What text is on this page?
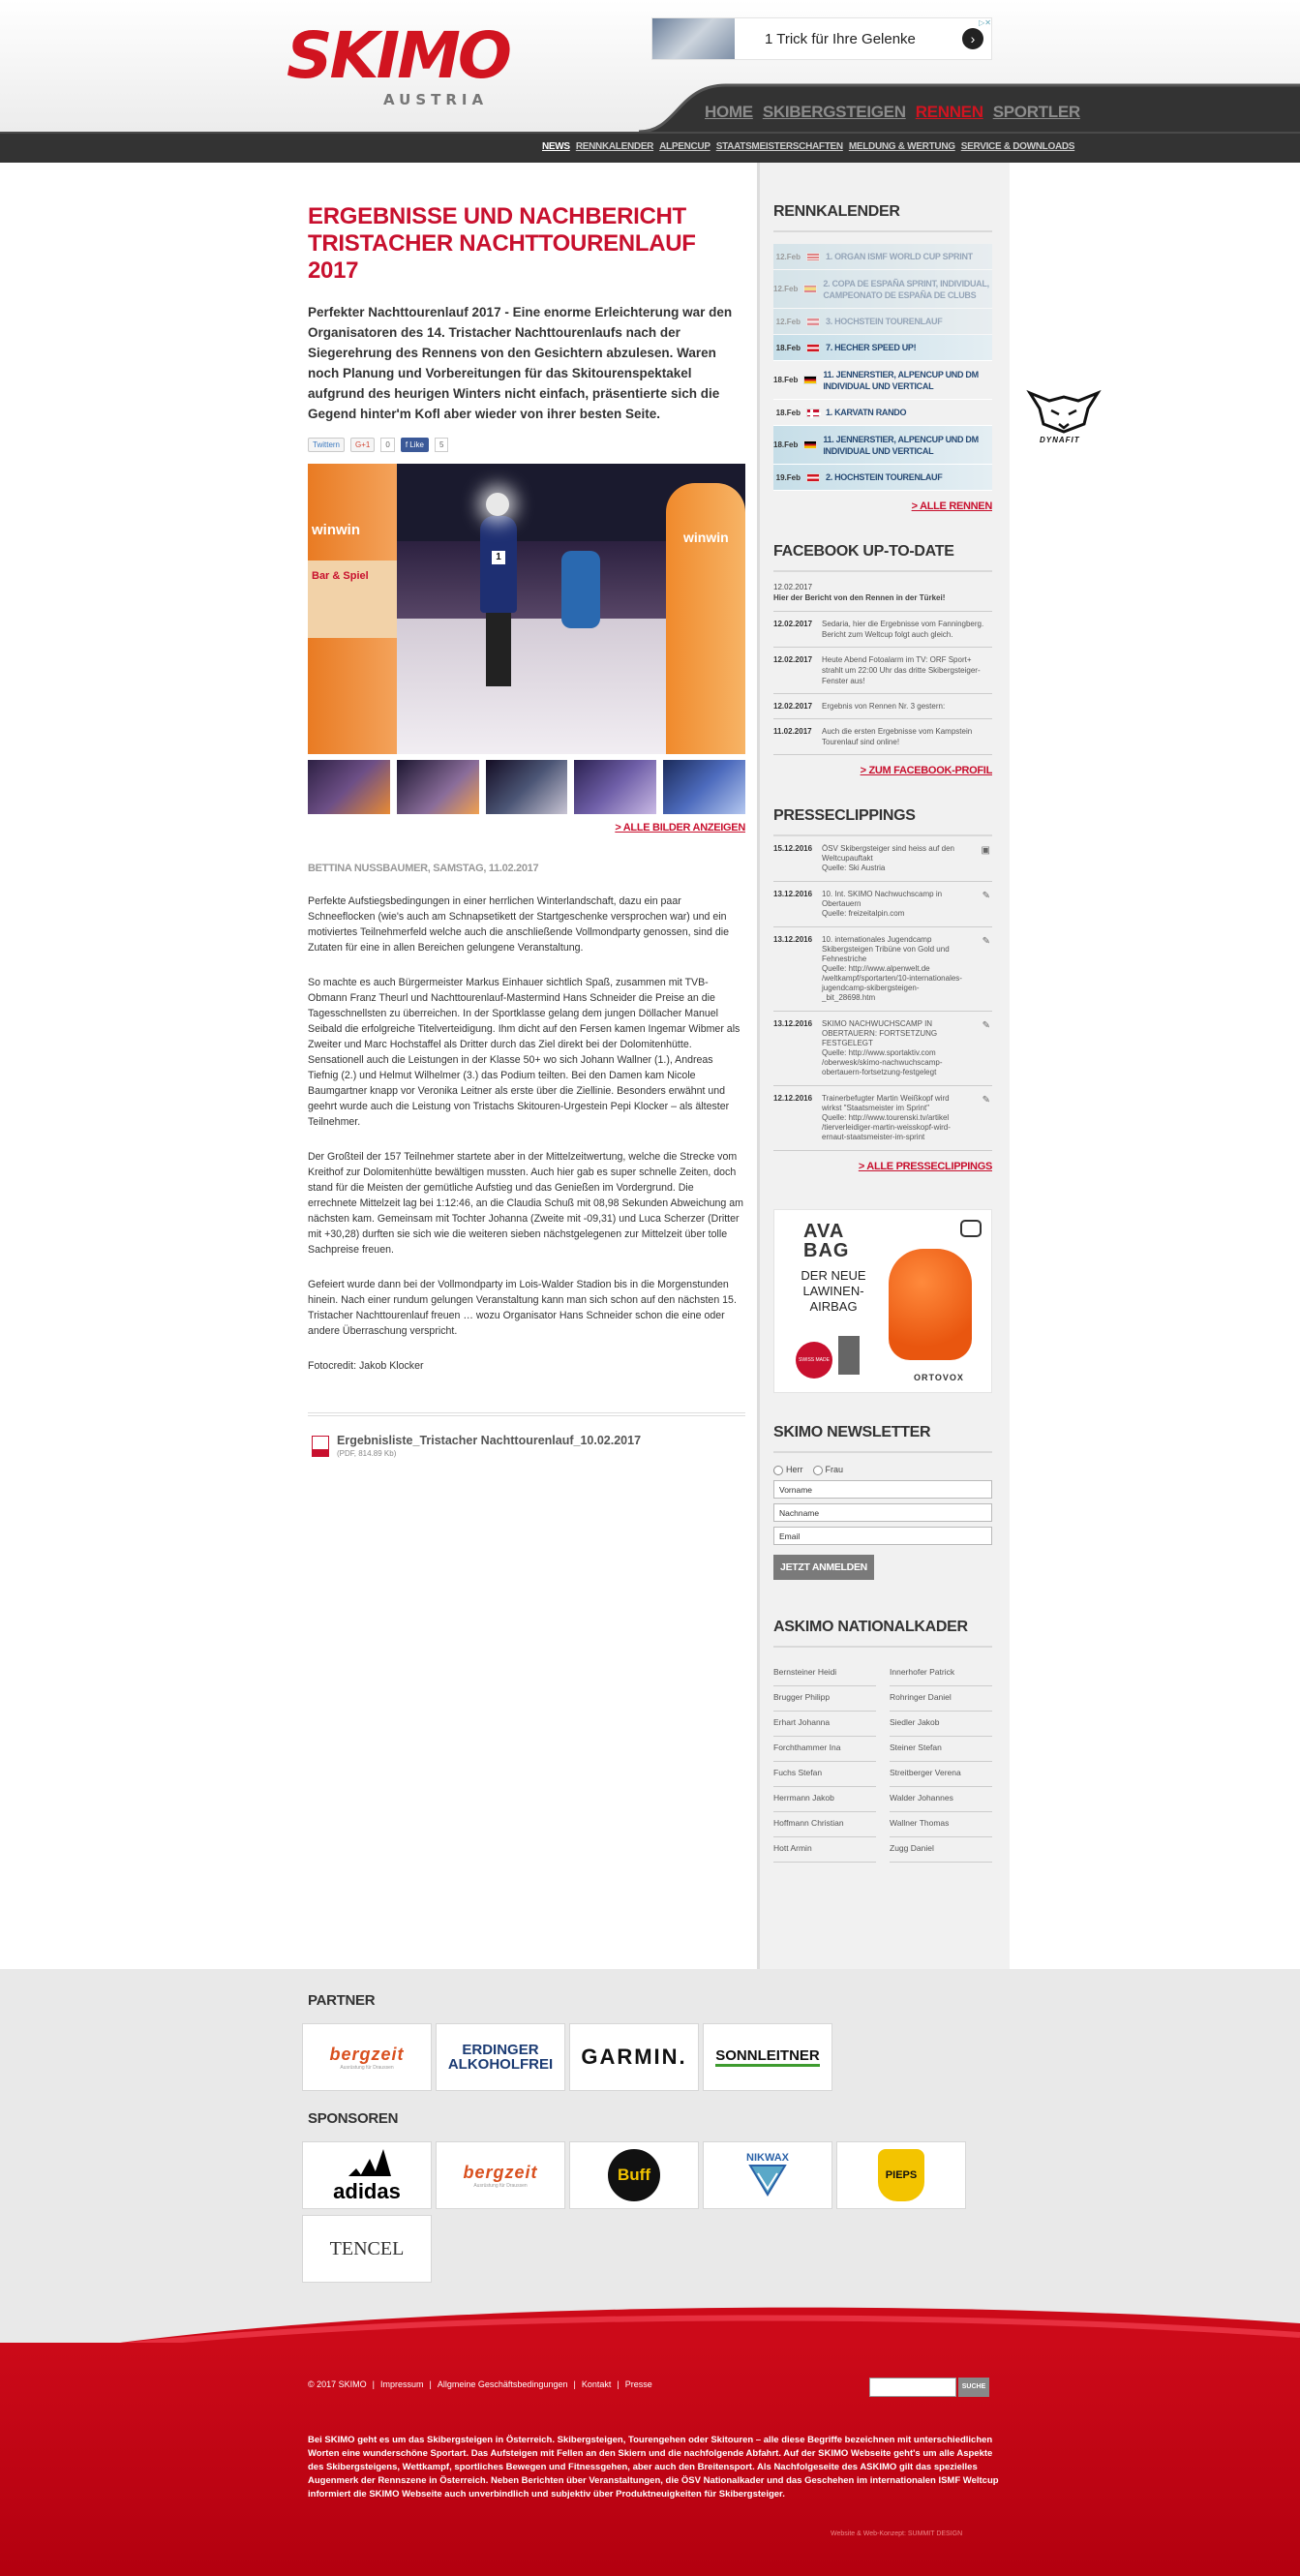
SKIMO
AUSTRIA
1 Trick für Ihre Gelenke	›
▷✕
HOME SKIBERGSTEIGEN RENNEN SPORTLER
NEWS RENNKALENDER ALPENCUP STAATSMEISTERSCHAFTEN MELDUNG & WERTUNG SERVICE & DOWNLOADS
ERGEBNISSE UND NACHBERICHT
TRISTACHER NACHTTOURENLAUF 2017
Perfekter Nachttourenlauf 2017 - Eine enorme Erleichterung war den Organisatoren des 14. Tristacher Nachttourenlaufs nach der Siegerehrung des Rennens von den Gesichtern abzulesen. Waren noch Planung und Vorbereitungen für das Skitourenspektakel aufgrund des heurigen Winters nicht einfach, präsentierte sich die Gegend hinter'm Kofl aber wieder von ihrer besten Seite.
Twittern	G+1	0	f Like	5
winwin
Bar & Spiel
winwin
1
> ALLE BILDER ANZEIGEN
BETTINA NUSSBAUMER, SAMSTAG, 11.02.2017

Perfekte Aufstiegsbedingungen in einer herrlichen Winterlandschaft, dazu ein paar Schneeflocken (wie's auch am Schnapsetikett der Startgeschenke versprochen war) und ein motiviertes Teilnehmerfeld welche auch die anschließende Vollmondparty genossen, sind die Zutaten für eine in allen Bereichen gelungene Veranstaltung.

So machte es auch Bürgermeister Markus Einhauer sichtlich Spaß, zusammen mit TVB-Obmann Franz Theurl und Nachttourenlauf-Mastermind Hans Schneider die Preise an die Tagesschnellsten zu überreichen. In der Sportklasse gelang dem jungen Döllacher Manuel Seibald die erfolgreiche Titelverteidigung. Ihm dicht auf den Fersen kamen Ingemar Wibmer als Zweiter und Marc Hochstaffel als Dritter durch das Ziel direkt bei der Dolomitenhütte. Sensationell auch die Leistungen in der Klasse 50+ wo sich Johann Wallner (1.), Andreas Tiefnig (2.) und Helmut Wilhelmer (3.) das Podium teilten. Bei den Damen kam Nicole Baumgartner knapp vor Veronika Leitner als erste über die Ziellinie. Besonders erwähnt und geehrt wurde auch die Leistung von Tristachs Skitouren-Urgestein Pepi Klocker – als ältester Teilnehmer.

Der Großteil der 157 Teilnehmer startete aber in der Mittelzeitwertung, welche die Strecke vom Kreithof zur Dolomitenhütte bewältigen mussten. Auch hier gab es super schnelle Zeiten, doch stand für die Meisten der gemütliche Aufstieg und das Genießen im Vordergrund. Die errechnete Mittelzeit lag bei 1:12:46, an die Claudia Schuß mit 08,98 Sekunden Abweichung am nächsten kam. Gemeinsam mit Tochter Johanna (Zweite mit -09,31) und Luca Scherzer (Dritter mit +30,28) durften sie sich wie die weiteren sieben nächstgelegenen zur Mittelzeit über tolle Sachpreise freuen.

Gefeiert wurde dann bei der Vollmondparty im Lois-Walder Stadion bis in die Morgenstunden hinein. Nach einer rundum gelungen Veranstaltung kann man sich schon auf den nächsten 15. Tristacher Nachttourenlauf freuen … wozu Organisator Hans Schneider schon die eine oder andere Überraschung verspricht.

Fotocredit: Jakob Klocker

Ergebnisliste_Tristacher Nachttourenlauf_10.02.2017
(PDF, 814.89 Kb)
RENNKALENDER
12.Feb	1. ORGAN ISMF WORLD CUP SPRINT
12.Feb
2. COPA DE ESPAÑA SPRINT, INDIVIDUAL, CAMPEONATO DE ESPAÑA DE CLUBS
12.Feb	3. HOCHSTEIN TOURENLAUF
18.Feb	7. HECHER SPEED UP!
18.Feb
11. JENNERSTIER, ALPENCUP UND DM INDIVIDUAL UND VERTICAL
18.Feb	1. KARVATN RANDO
18.Feb
11. JENNERSTIER, ALPENCUP UND DM INDIVIDUAL UND VERTICAL
19.Feb	2. HOCHSTEIN TOURENLAUF
> ALLE RENNEN
FACEBOOK UP-TO-DATE
12.02.2017
Hier der Bericht von den Rennen in der Türkei!
12.02.2017	Sedaria, hier die Ergebnisse vom Fanningberg. Bericht zum Weltcup folgt auch gleich.
12.02.2017	Heute Abend Fotoalarm im TV: ORF Sport+ strahlt um 22:00 Uhr das dritte Skibergsteiger-Fenster aus!
12.02.2017	Ergebnis von Rennen Nr. 3 gestern:
11.02.2017	Auch die ersten Ergebnisse vom Kampstein Tourenlauf sind online!
> ZUM FACEBOOK-PROFIL
PRESSECLIPPINGS
15.12.2016	ÖSV Skibergsteiger sind heiss auf den Weltcupauftakt
Quelle: Ski Austria
▣
13.12.2016	10. Int. SKIMO Nachwuchscamp in Obertauern
Quelle: freizeitalpin.com
✎
13.12.2016	10. internationales Jugendcamp Skibergsteigen Tribüne von Gold und Fehnestriche
Quelle: http://www.alpenwelt.de
/weltkampf/sportarten/10-internationales-jugendcamp-skibergsteigen-_bit_28698.htm
✎
13.12.2016	SKIMO NACHWUCHSCAMP IN OBERTAUERN: FORTSETZUNG FESTGELEGT
Quelle: http://www.sportaktiv.com
/oberwesk/skimo-nachwuchscamp-obertauern-fortsetzung-festgelegt
✎
12.12.2016	Trainerbefugter Martin Weißkopf wird wirkst "Staatsmeister im Sprint"
Quelle: http://www.tourenski.tv/artikel
/tierverleidiger-martin-weisskopf-wird-ernaut-staatsmeister-im-sprint
✎
> ALLE PRESSECLIPPINGS
AVA
BAG
DER NEUE LAWINEN-AIRBAG
SWISS MADE
ORTOVOX
SKIMO NEWSLETTER
Herr	Frau
Vorname
Nachname
Email
JETZT ANMELDEN
ASKIMO NATIONALKADER
Bernsteiner Heidi	Innerhofer Patrick
Brugger Philipp	Rohringer Daniel
Erhart Johanna	Siedler Jakob
Forchthammer Ina	Steiner Stefan
Fuchs Stefan	Streitberger Verena
Herrmann Jakob	Walder Johannes
Hoffmann Christian	Wallner Thomas
Hott Armin	Zugg Daniel
DYNAFIT
PARTNER
bergzeit
Ausrüstung für Draussen
ERDINGER
ALKOHOLFREI GARMIN. SONNLEITNER
SPONSOREN
adidas
bergzeit
Ausrüstung für Draussen
Buff
NIKWAX
PIEPS
TENCEL
© 2017 SKIMO | Impressum | Allgmeine Geschäftsbedingungen | Kontakt | Presse	SUCHE
Bei SKIMO geht es um das Skibergsteigen in Österreich. Skibergsteigen, Tourengehen oder Skitouren – alle diese Begriffe bezeichnen mit unterschiedlichen Worten eine wunderschöne Sportart. Das Aufsteigen mit Fellen an den Skiern und die nachfolgende Abfahrt. Auf der SKIMO Webseite geht's um alle Aspekte des Skibergsteigens, Wettkampf, sportliches Bewegen und Fitnessgehen, aber auch den Breitensport. Als Nachfolgeseite des ASKIMO gilt das spezielles Augenmerk der Rennszene in Österreich. Neben Berichten über Veranstaltungen, die ÖSV Nationalkader und das Geschehen im internationalen ISMF Weltcup informiert die SKIMO Webseite auch unverbindlich und subjektiv über Produktneuigkeiten für Skibergsteiger.
Website & Web-Konzept: SUMMIT DESIGN
